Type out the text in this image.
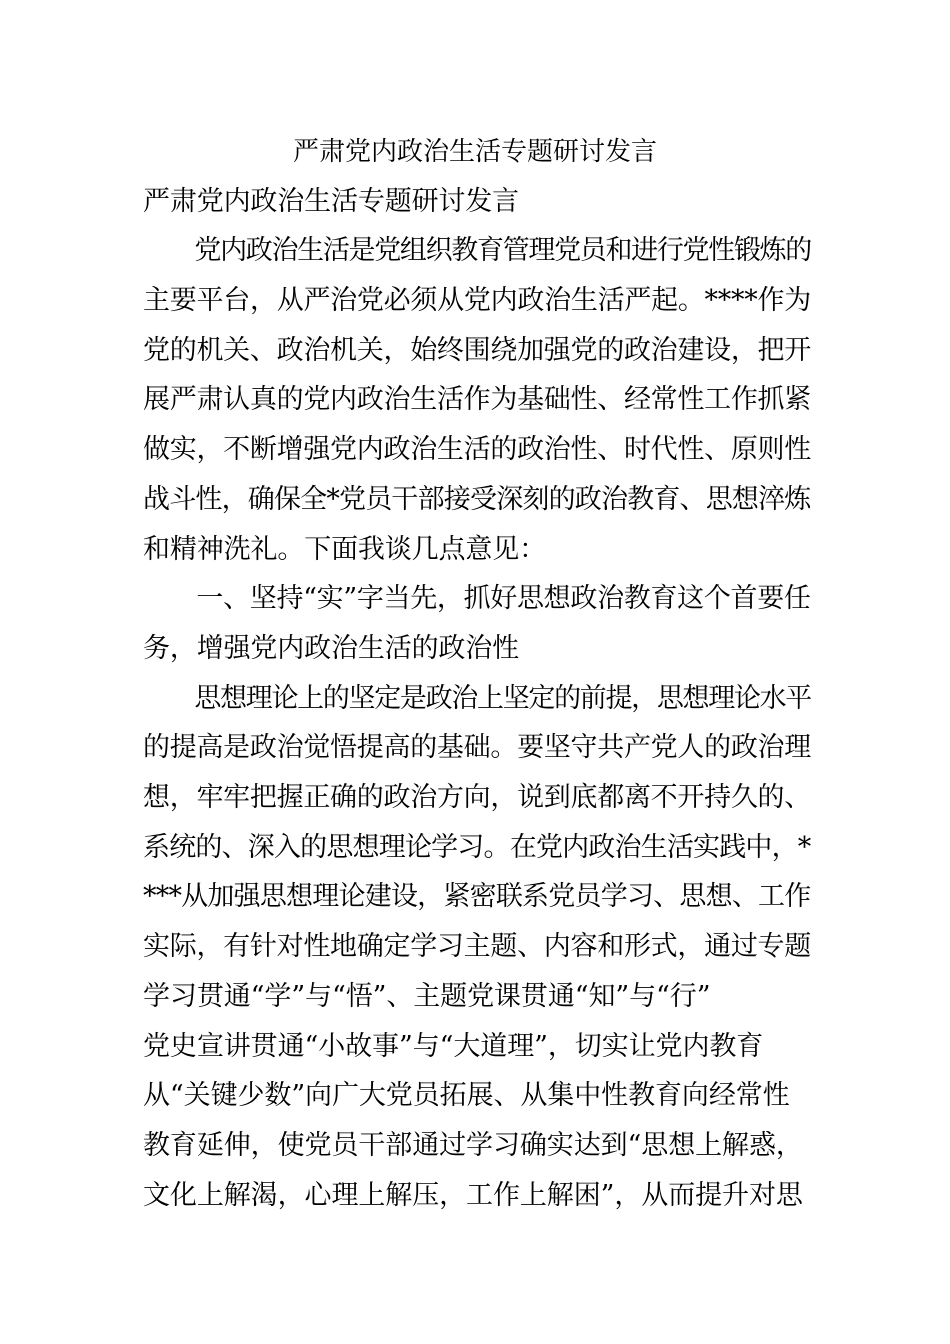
严肃党内政治生活专题研讨发言
严肃党内政治生活专题研讨发言
　　党内政治生活是党组织教育管理党员和进行党性锻炼的
主要平台，从严治党必须从党内政治生活严起。****作为
党的机关、政治机关，始终围绕加强党的政治建设，把开
展严肃认真的党内政治生活作为基础性、经常性工作抓紧
做实，不断增强党内政治生活的政治性、时代性、原则性
战斗性，确保全*党员干部接受深刻的政治教育、思想淬炼
和精神洗礼。下面我谈几点意见：
　　一、坚持“实”字当先，抓好思想政治教育这个首要任
务，增强党内政治生活的政治性
　　思想理论上的坚定是政治上坚定的前提，思想理论水平
的提高是政治觉悟提高的基础。要坚守共产党人的政治理
想，牢牢把握正确的政治方向，说到底都离不开持久的、
系统的、深入的思想理论学习。在党内政治生活实践中，*
***从加强思想理论建设，紧密联系党员学习、思想、工作
实际，有针对性地确定学习主题、内容和形式，通过专题
学习贯通“学”与“悟”、主题党课贯通“知”与“行”
党史宣讲贯通“小故事”与“大道理”，切实让党内教育
从“关键少数”向广大党员拓展、从集中性教育向经常性
教育延伸，使党员干部通过学习确实达到“思想上解惑，
文化上解渴，心理上解压，工作上解困”，从而提升对思
